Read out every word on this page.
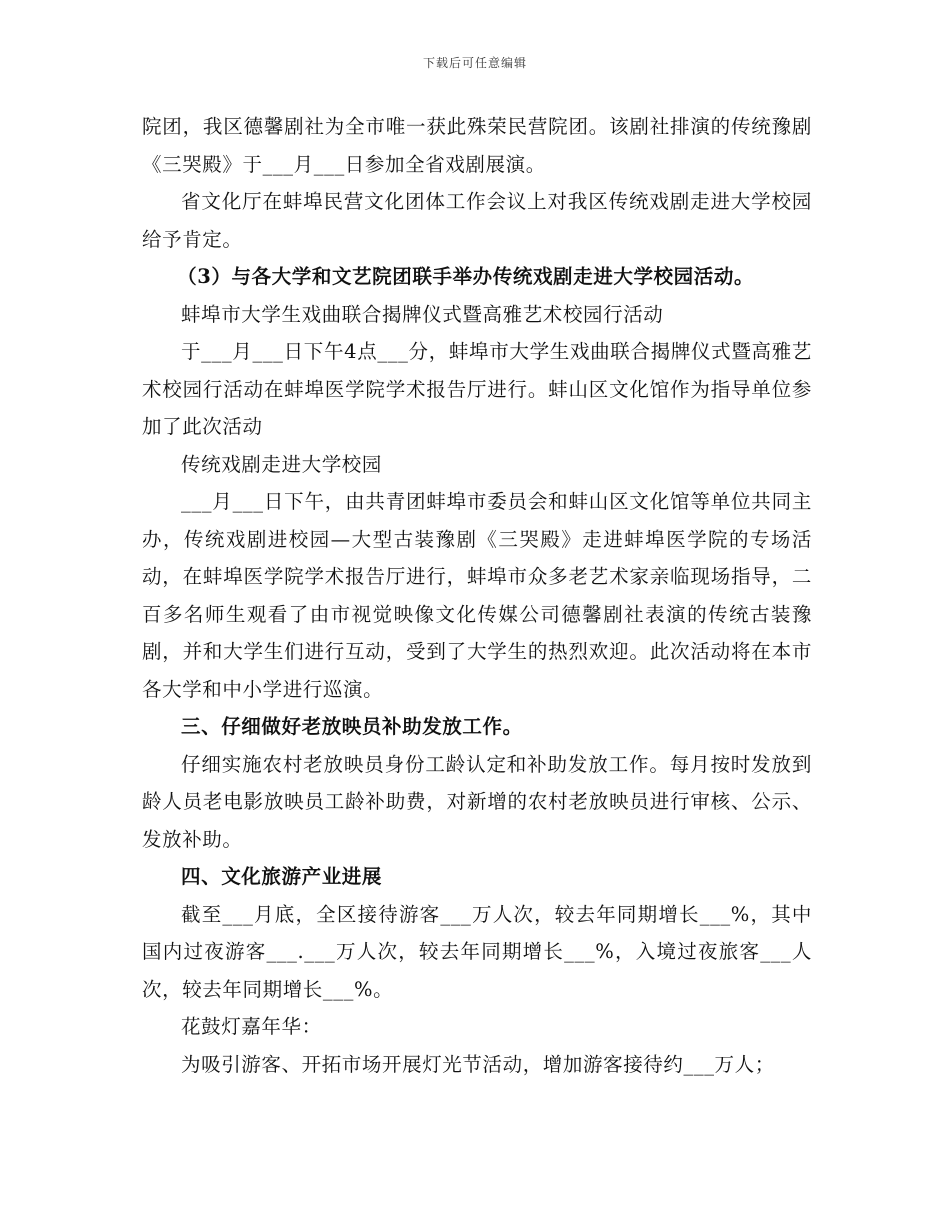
下载后可任意编辑

院团，我区德馨剧社为全市唯一获此殊荣民营院团。该剧社排演的传统豫剧《三哭殿》于___月___日参加全省戏剧展演。

省文化厅在蚌埠民营文化团体工作会议上对我区传统戏剧走进大学校园给予肯定。

（3）与各大学和文艺院团联手举办传统戏剧走进大学校园活动。

蚌埠市大学生戏曲联合揭牌仪式暨高雅艺术校园行活动

于___月___日下午4点___分，蚌埠市大学生戏曲联合揭牌仪式暨高雅艺术校园行活动在蚌埠医学院学术报告厅进行。蚌山区文化馆作为指导单位参加了此次活动

传统戏剧走进大学校园

___月___日下午，由共青团蚌埠市委员会和蚌山区文化馆等单位共同主办，传统戏剧进校园—大型古装豫剧《三哭殿》走进蚌埠医学院的专场活动，在蚌埠医学院学术报告厅进行，蚌埠市众多老艺术家亲临现场指导，二百多名师生观看了由市视觉映像文化传媒公司德馨剧社表演的传统古装豫剧，并和大学生们进行互动，受到了大学生的热烈欢迎。此次活动将在本市各大学和中小学进行巡演。

三、仔细做好老放映员补助发放工作。

仔细实施农村老放映员身份工龄认定和补助发放工作。每月按时发放到龄人员老电影放映员工龄补助费，对新增的农村老放映员进行审核、公示、发放补助。

四、文化旅游产业进展

截至___月底，全区接待游客___万人次，较去年同期增长___%，其中国内过夜游客___.___万人次，较去年同期增长___%，入境过夜旅客___人次，较去年同期增长___%。

花鼓灯嘉年华：

为吸引游客、开拓市场开展灯光节活动，增加游客接待约___万人；
